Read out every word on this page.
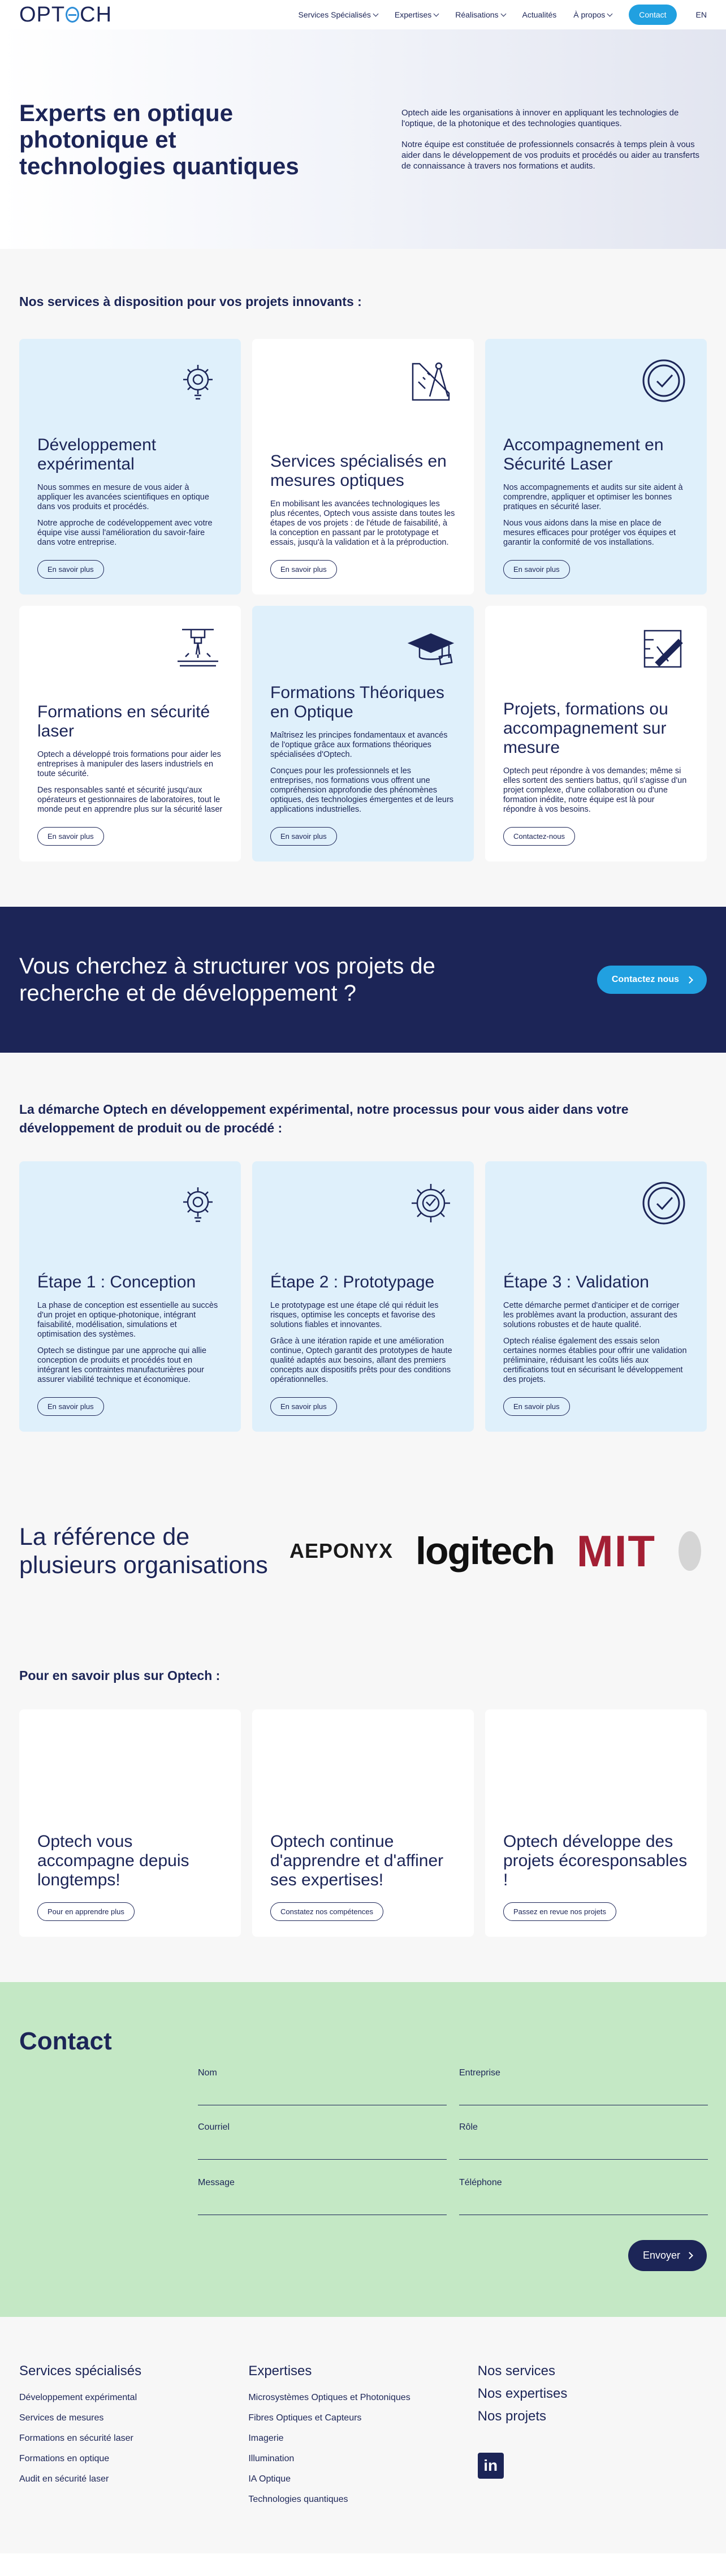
OPT CH	Services Spécialisés	Expertises	Réalisations	Actualités À propos	Contact	EN
Experts en optique photonique et technologies quantiques

Optech aide les organisations à innover en appliquant les technologies de l'optique, de la photonique et des technologies quantiques.

Notre équipe est constituée de professionnels consacrés à temps plein à vous aider dans le développement de vos produits et procédés ou aider au transferts de connaissance à travers nos formations et audits.

Nos services à disposition pour vos projets innovants :
Développement expérimental

Nous sommes en mesure de vous aider à appliquer les avancées scientifiques en optique dans vos produits et procédés.

Notre approche de codéveloppement avec votre équipe vise aussi l'amélioration du savoir-faire dans votre entreprise.

En savoir plus
Services spécialisés en mesures optiques

En mobilisant les avancées technologiques les plus récentes, Optech vous assiste dans toutes les étapes de vos projets : de l'étude de faisabilité, à la conception en passant par le prototypage et essais, jusqu'à la validation et à la préproduction.

En savoir plus
Accompagnement en Sécurité Laser

Nos accompagnements et audits sur site aident à comprendre, appliquer et optimiser les bonnes pratiques en sécurité laser.

Nous vous aidons dans la mise en place de mesures efficaces pour protéger vos équipes et garantir la conformité de vos installations.

En savoir plus
Formations en sécurité laser

Optech a développé trois formations pour aider les entreprises à manipuler des lasers industriels en toute sécurité.

Des responsables santé et sécurité jusqu'aux opérateurs et gestionnaires de laboratoires, tout le monde peut en apprendre plus sur la sécurité laser

En savoir plus
Formations Théoriques en Optique

Maîtrisez les principes fondamentaux et avancés de l'optique grâce aux formations théoriques spécialisées d'Optech.

Conçues pour les professionnels et les entreprises, nos formations vous offrent une compréhension approfondie des phénomènes optiques, des technologies émergentes et de leurs applications industrielles.

En savoir plus
Projets, formations ou accompagnement sur mesure

Optech peut répondre à vos demandes; même si elles sortent des sentiers battus, qu'il s'agisse d'un projet complexe, d'une collaboration ou d'une formation inédite, notre équipe est là pour répondre à vos besoins.

Contactez-nous
Vous cherchez à structurer vos projets de recherche et de développement ?
Contactez nous
La démarche Optech en développement expérimental, notre processus pour vous aider dans votre développement de produit ou de procédé :
Étape 1 : Conception

La phase de conception est essentielle au succès d'un projet en optique-photonique, intégrant faisabilité, modélisation, simulations et optimisation des systèmes.

Optech se distingue par une approche qui allie conception de produits et procédés tout en intégrant les contraintes manufacturières pour assurer viabilité technique et économique.

En savoir plus
Étape 2 : Prototypage

Le prototypage est une étape clé qui réduit les risques, optimise les concepts et favorise des solutions fiables et innovantes.

Grâce à une itération rapide et une amélioration continue, Optech garantit des prototypes de haute qualité adaptés aux besoins, allant des premiers concepts aux dispositifs prêts pour des conditions opérationnelles.

En savoir plus
Étape 3 : Validation

Cette démarche permet d'anticiper et de corriger les problèmes avant la production, assurant des solutions robustes et de haute qualité.

Optech réalise également des essais selon certaines normes établies pour offrir une validation préliminaire, réduisant les coûts liés aux certifications tout en sécurisant le développement des projets.

En savoir plus
La référence de plusieurs organisations
AEPONYX logitech MIT
Pour en savoir plus sur Optech :
Optech vous accompagne depuis longtemps!
Pour en apprendre plus
Optech continue d'apprendre et d'affiner ses expertises!
Constatez nos compétences
Optech développe des projets écoresponsables !
Passez en revue nos projets
Contact
Nom	Entreprise
Courriel	Rôle
Message	Téléphone
Envoyer
Services spécialisés
Développement expérimental
Services de mesures
Formations en sécurité laser
Formations en optique
Audit en sécurité laser
Expertises
Microsystèmes Optiques et Photoniques
Fibres Optiques et Capteurs
Imagerie
Illumination
IA Optique
Technologies quantiques
Nos services
Nos expertises
Nos projets
in
